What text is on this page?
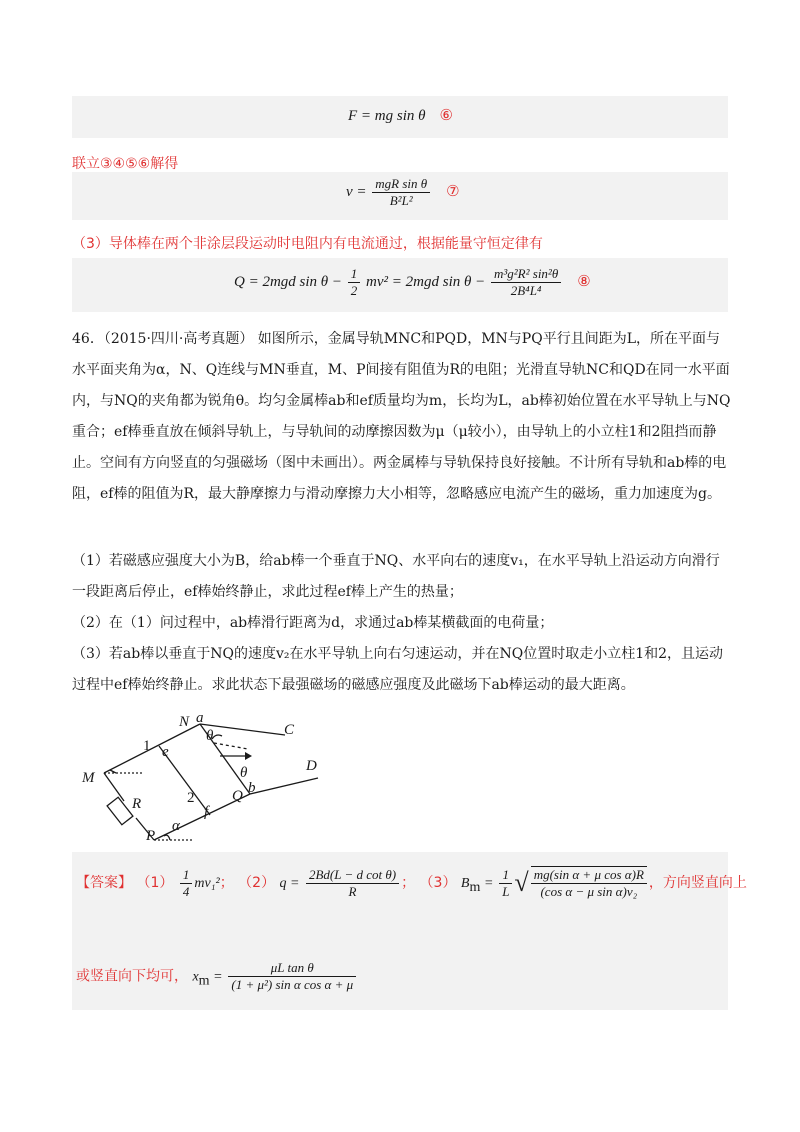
F = mg sin θ ⑥
联立③④⑤⑥解得
$v = \frac{\text{mgR sin θ}}{\text{B²L²}}$ ⑦
（3）导体棒在两个非涂层段运动时电阻内有电流通过，根据能量守恒定律有
Q = 2mgd $\sin \theta - \frac{1}{2} mv^2 = 2mgd$ $\sin \theta - \frac{\text{m³g²R² sin²θ}}{\text{2B⁴L⁴}}$ ⑧

46．（2015·四川·高考真题） 如图所示，金属导轨MNC和PQD，MN与PQ平行且间距为L，所在平面与水平面夹角为α，N、Q连线与MN垂直，M、P间接有阻值为R的电阻；光滑直导轨NC和QD在同一水平面内，与NQ的夹角都为锐角θ。均匀金属棒ab和ef质量均为m，长均为L，ab棒初始位置在水平导轨上与NQ重合；ef棒垂直放在倾斜导轨上，与导轨间的动摩擦因数为μ（μ较小），由导轨上的小立柱1和2阻挡而静止。空间有方向竖直的匀强磁场（图中未画出）。两金属棒与导轨保持良好接触。不计所有导轨和ab棒的电阻，ef棒的阻值为R，最大静摩擦力与滑动摩擦力大小相等，忽略感应电流产生的磁场，重力加速度为g。

（1）若磁感应强度大小为B，给ab棒一个垂直于NQ、水平向右的速度v₁，在水平导轨上沿运动方向滑行一段距离后停止，ef棒始终静止，求此过程ef棒上产生的热量；

（2）在（1）问过程中，ab棒滑行距离为d，求通过ab棒某横截面的电荷量；

（3）若ab棒以垂直于NQ的速度v₂在水平导轨上向右匀速运动，并在NQ位置时取走小立柱1和2，且运动过程中ef棒始终静止。求此状态下最强磁场的磁感应强度及此磁场下ab棒运动的最大距离。

N a
C
θ
1 e
θ	D
M
Q b
R	2
f
α
P
【答案】 $(1) \frac{1}{4} mv_1^2$； （2） $q = \frac{\text{2Bd(L − d cot θ)}}{R}$ ； （3） $B_m = \frac{1}{L}$ √ $\frac{\text{mg(sin α + μ cos α)R}}{\text{(cos α − μ sin α)v₂}}$ ，方向竖直向上
或竖直向下均可， $x_m = \frac{\text{μL tan θ}}{\text{(1 + μ²) sin α cos α + μ}}$
